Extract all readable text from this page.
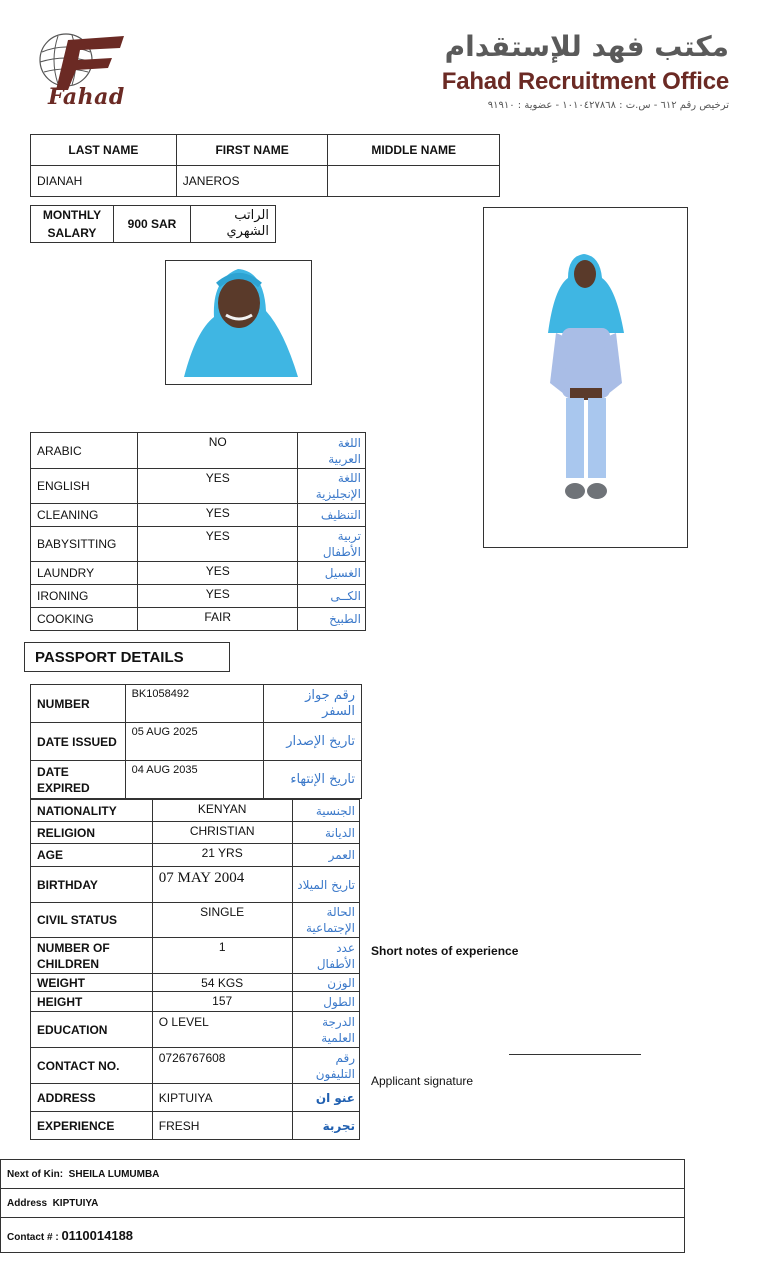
Fahad
مكتب فهد للإستقدام
Fahad Recruitment Office
ترخيص رقم ٦١٢ - س.ت : ١٠١٠٤٢٧٨٦٨ - عضوية : ٩١٩١٠
LAST NAME	FIRST NAME	MIDDLE NAME
DIANAH	JANEROS	
MONTHLY SALARY	900 SAR	الراتب الشهري
ARABIC	NO	اللغة العربية
ENGLISH	YES	اللغة الإنجليزية
CLEANING	YES	التنظيف
BABYSITTING	YES	تربية الأطفال
LAUNDRY	YES	الغسيل
IRONING	YES	الكــى
COOKING	FAIR	الطبيخ
PASSPORT DETAILS
NUMBER	BK1058492	رقم جواز السفر
DATE ISSUED	05 AUG 2025	تاريخ الإصدار
DATE EXPIRED	04 AUG 2035	تاريخ الإنتهاء
NATIONALITY	KENYAN	الجنسية
RELIGION	CHRISTIAN	الديانة
AGE	21 YRS	العمر
BIRTHDAY	07 MAY 2004	تاريخ الميلاد
CIVIL STATUS	SINGLE	الحالة الإجتماعية
NUMBER OF CHILDREN	1	عدد الأطفال
WEIGHT	54 KGS	الوزن
HEIGHT	157	الطول
EDUCATION	O LEVEL	الدرجة العلمية
CONTACT NO.	0726767608	رقم التليفون
ADDRESS	KIPTUIYA	عنو ان
EXPERIENCE	FRESH	تجربة
Short notes of experience
Applicant signature
Next of Kin: SHEILA LUMUMBA
Address KIPTUIYA
Contact # : 0110014188
